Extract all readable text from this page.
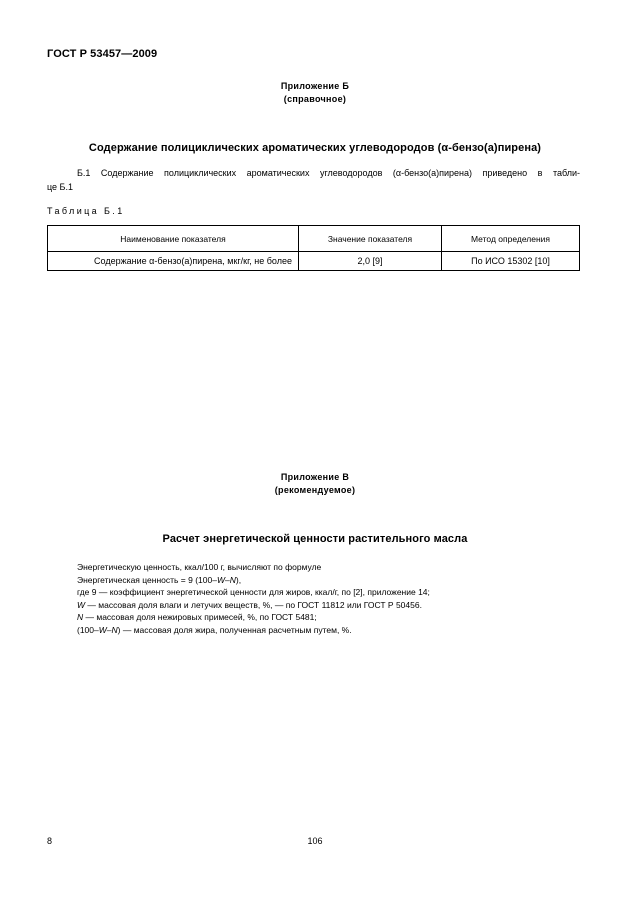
ГОСТ Р 53457—2009
Приложение Б
(справочное)
Содержание полициклических ароматических углеводородов (α-бензо(а)пирена)
Б.1 Содержание полициклических ароматических углеводородов (α-бензо(а)пирена) приведено в табли-
це Б.1
Таблица Б.1
Наименование показателя	Значение показателя	Метод определения
Содержание α-бензо(а)пирена, мкг/кг, не более	2,0 [9]	По ИСО 15302 [10]
Приложение В
(рекомендуемое)
Расчет энергетической ценности растительного масла
Энергетическую ценность, ккал/100 г, вычисляют по формуле
Энергетическая ценность = 9 (100–W–N),
где 9 — коэффициент энергетической ценности для жиров, ккал/г, по [2], приложение 14;
W — массовая доля влаги и летучих веществ, %, — по ГОСТ 11812 или ГОСТ Р 50456.
N — массовая доля нежировых примесей, %, по ГОСТ 5481;
(100–W–N) — массовая доля жира, полученная расчетным путем, %.
8	106
